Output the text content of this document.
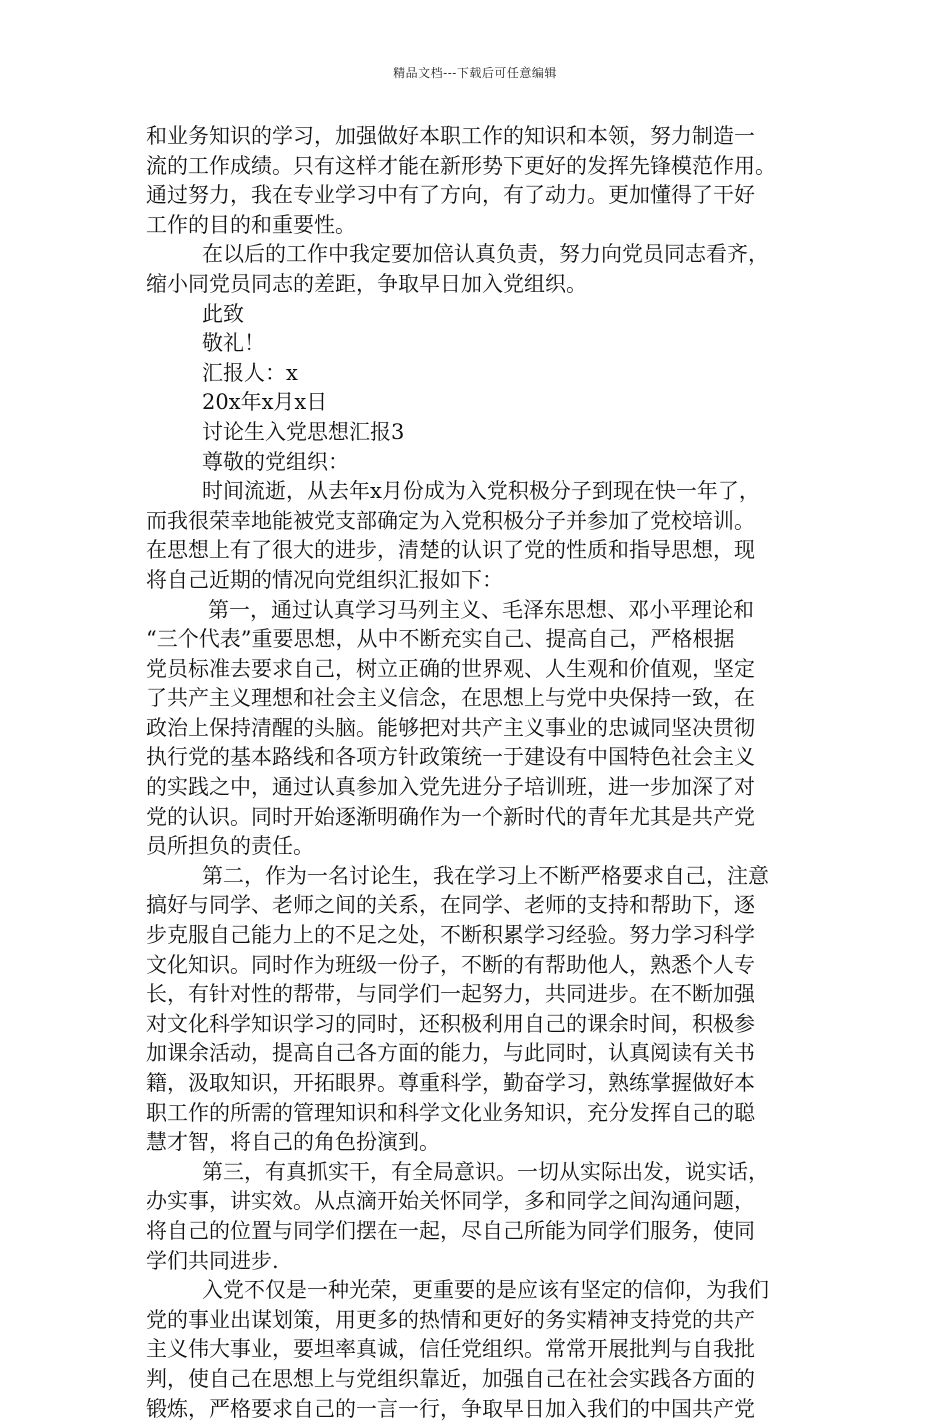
精品文档---下载后可任意编辑
和业务知识的学习，加强做好本职工作的知识和本领，努力制造一
流的工作成绩。只有这样才能在新形势下更好的发挥先锋模范作用。
通过努力，我在专业学习中有了方向，有了动力。更加懂得了干好
工作的目的和重要性。
在以后的工作中我定要加倍认真负责，努力向党员同志看齐，
缩小同党员同志的差距，争取早日加入党组织。
此致
敬礼！
汇报人：x
20x年x月x日
讨论生入党思想汇报3
尊敬的党组织：
时间流逝，从去年x月份成为入党积极分子到现在快一年了，
而我很荣幸地能被党支部确定为入党积极分子并参加了党校培训。
在思想上有了很大的进步，清楚的认识了党的性质和指导思想，现
将自己近期的情况向党组织汇报如下：
第一，通过认真学习马列主义、毛泽东思想、邓小平理论和
“三个代表”重要思想，从中不断充实自己、提高自己，严格根据
党员标准去要求自己，树立正确的世界观、人生观和价值观，坚定
了共产主义理想和社会主义信念，在思想上与党中央保持一致，在
政治上保持清醒的头脑。能够把对共产主义事业的忠诚同坚决贯彻
执行党的基本路线和各项方针政策统一于建设有中国特色社会主义
的实践之中，通过认真参加入党先进分子培训班，进一步加深了对
党的认识。同时开始逐渐明确作为一个新时代的青年尤其是共产党
员所担负的责任。
第二，作为一名讨论生，我在学习上不断严格要求自己，注意
搞好与同学、老师之间的关系，在同学、老师的支持和帮助下，逐
步克服自己能力上的不足之处，不断积累学习经验。努力学习科学
文化知识。同时作为班级一份子，不断的有帮助他人，熟悉个人专
长，有针对性的帮带，与同学们一起努力，共同进步。在不断加强
对文化科学知识学习的同时，还积极利用自己的课余时间，积极参
加课余活动，提高自己各方面的能力，与此同时，认真阅读有关书
籍，汲取知识，开拓眼界。尊重科学，勤奋学习，熟练掌握做好本
职工作的所需的管理知识和科学文化业务知识，充分发挥自己的聪
慧才智，将自己的角色扮演到。
第三，有真抓实干，有全局意识。一切从实际出发，说实话，
办实事，讲实效。从点滴开始关怀同学，多和同学之间沟通问题，
将自己的位置与同学们摆在一起，尽自己所能为同学们服务，使同
学们共同进步.
入党不仅是一种光荣，更重要的是应该有坚定的信仰，为我们
党的事业出谋划策，用更多的热情和更好的务实精神支持党的共产
主义伟大事业，要坦率真诚，信任党组织。常常开展批判与自我批
判，使自己在思想上与党组织靠近，加强自己在社会实践各方面的
锻炼，严格要求自己的一言一行，争取早日加入我们的中国共产党
